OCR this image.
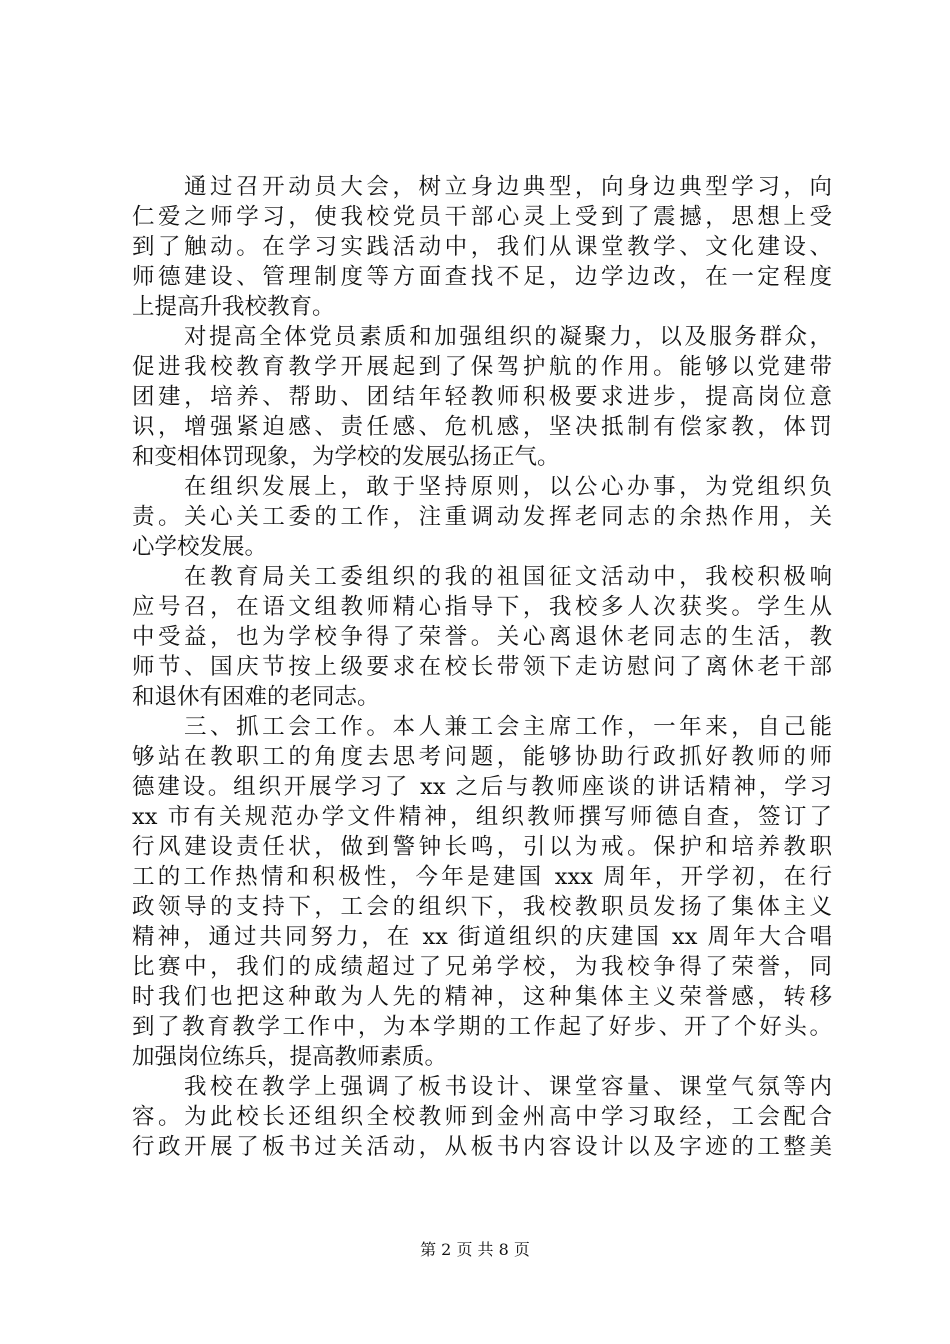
通过召开动员大会，树立身边典型，向身边典型学习，向
仁爱之师学习，使我校党员干部心灵上受到了震撼，思想上受
到了触动。在学习实践活动中，我们从课堂教学、文化建设、
师德建设、管理制度等方面查找不足，边学边改，在一定程度
上提高升我校教育。
对提高全体党员素质和加强组织的凝聚力，以及服务群众，
促进我校教育教学开展起到了保驾护航的作用。能够以党建带
团建，培养、帮助、团结年轻教师积极要求进步，提高岗位意
识，增强紧迫感、责任感、危机感，坚决抵制有偿家教，体罚
和变相体罚现象，为学校的发展弘扬正气。
在组织发展上，敢于坚持原则，以公心办事，为党组织负
责。关心关工委的工作，注重调动发挥老同志的余热作用，关
心学校发展。
在教育局关工委组织的我的祖国征文活动中，我校积极响
应号召，在语文组教师精心指导下，我校多人次获奖。学生从
中受益，也为学校争得了荣誉。关心离退休老同志的生活，教
师节、国庆节按上级要求在校长带领下走访慰问了离休老干部
和退休有困难的老同志。
三、抓工会工作。本人兼工会主席工作，一年来，自己能
够站在教职工的角度去思考问题，能够协助行政抓好教师的师
德建设。组织开展学习了 xx 之后与教师座谈的讲话精神，学习
xx 市有关规范办学文件精神，组织教师撰写师德自查，签订了
行风建设责任状，做到警钟长鸣，引以为戒。保护和培养教职
工的工作热情和积极性，今年是建国 xxx 周年，开学初，在行
政领导的支持下，工会的组织下，我校教职员发扬了集体主义
精神，通过共同努力，在 xx 街道组织的庆建国 xx 周年大合唱
比赛中，我们的成绩超过了兄弟学校，为我校争得了荣誉，同
时我们也把这种敢为人先的精神，这种集体主义荣誉感，转移
到了教育教学工作中，为本学期的工作起了好步、开了个好头。
加强岗位练兵，提高教师素质。
我校在教学上强调了板书设计、课堂容量、课堂气氛等内
容。为此校长还组织全校教师到金州高中学习取经，工会配合
行政开展了板书过关活动，从板书内容设计以及字迹的工整美
第 2 页 共 8 页
